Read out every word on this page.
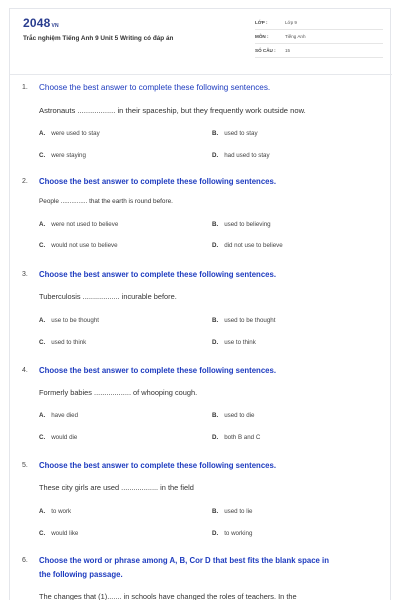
2048VN
Trắc nghiệm Tiếng Anh 9 Unit 5 Writing có đáp án
LỚP :	Lớp 9
MÔN :	Tiếng Anh
SỐ CÂU : 15
1. Choose the best answer to complete these following sentences.
Astronauts .................. in their spaceship, but they frequently work outside now.
A. were used to stay	B. used to stay
C. were staying	D. had used to stay
2. Choose the best answer to complete these following sentences.
People ............... that the earth is round before.
A. were not used to believe	B. used to believing
C. would not use to believe	D. did not use to believe
3. Choose the best answer to complete these following sentences.
Tuberculosis .................. incurable before.
A. use to be thought	B. used to be thought
C. used to think	D. use to think
4. Choose the best answer to complete these following sentences.
Formerly babies .................. of whooping cough.
A. have died	B. used to die
C. would die	D. both B and C
5. Choose the best answer to complete these following sentences.
These city girls are used .................. in the field
A. to work	B. used to lie
C. would like	D. to working
6. Choose the word or phrase among A, B, Cor D that best fits the blank space in
the following passage.
The changes that (1)....... in schools have changed the roles of teachers. In the
